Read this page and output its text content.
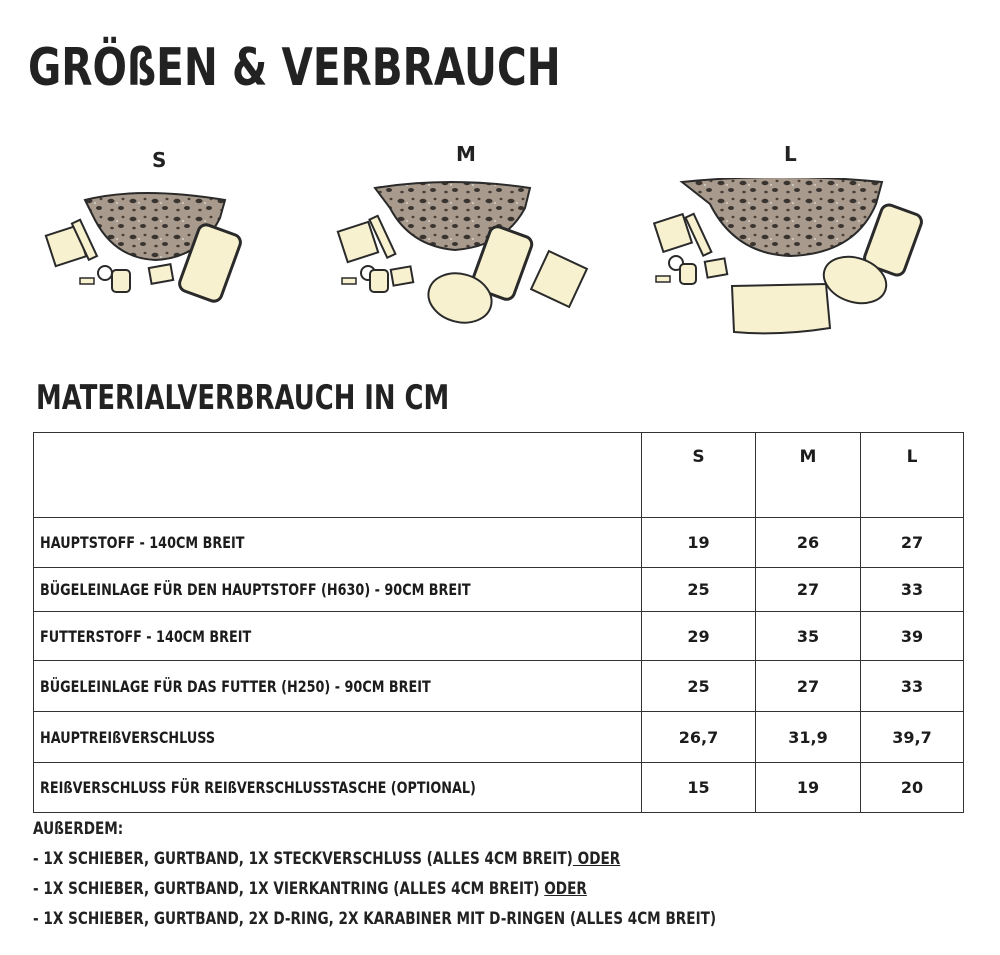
GRÖßEN & VERBRAUCH
S	M	L
MATERIALVERBRAUCH IN CM
	S	M	L
HAUPTSTOFF - 140CM BREIT	19	26	27
BÜGELEINLAGE FÜR DEN HAUPTSTOFF (H630) - 90CM BREIT	25	27	33
FUTTERSTOFF - 140CM BREIT	29	35	39
BÜGELEINLAGE FÜR DAS FUTTER (H250) - 90CM BREIT	25	27	33
HAUPTREIßVERSCHLUSS	26,7	31,9	39,7
REIßVERSCHLUSS FÜR REIßVERSCHLUSSTASCHE (OPTIONAL)	15	19	20
AUßERDEM:
- 1X SCHIEBER, GURTBAND, 1X STECKVERSCHLUSS (ALLES 4CM BREIT) ODER
- 1X SCHIEBER, GURTBAND, 1X VIERKANTRING (ALLES 4CM BREIT) ODER
- 1X SCHIEBER, GURTBAND, 2X D-RING, 2X KARABINER MIT D-RINGEN (ALLES 4CM BREIT)
